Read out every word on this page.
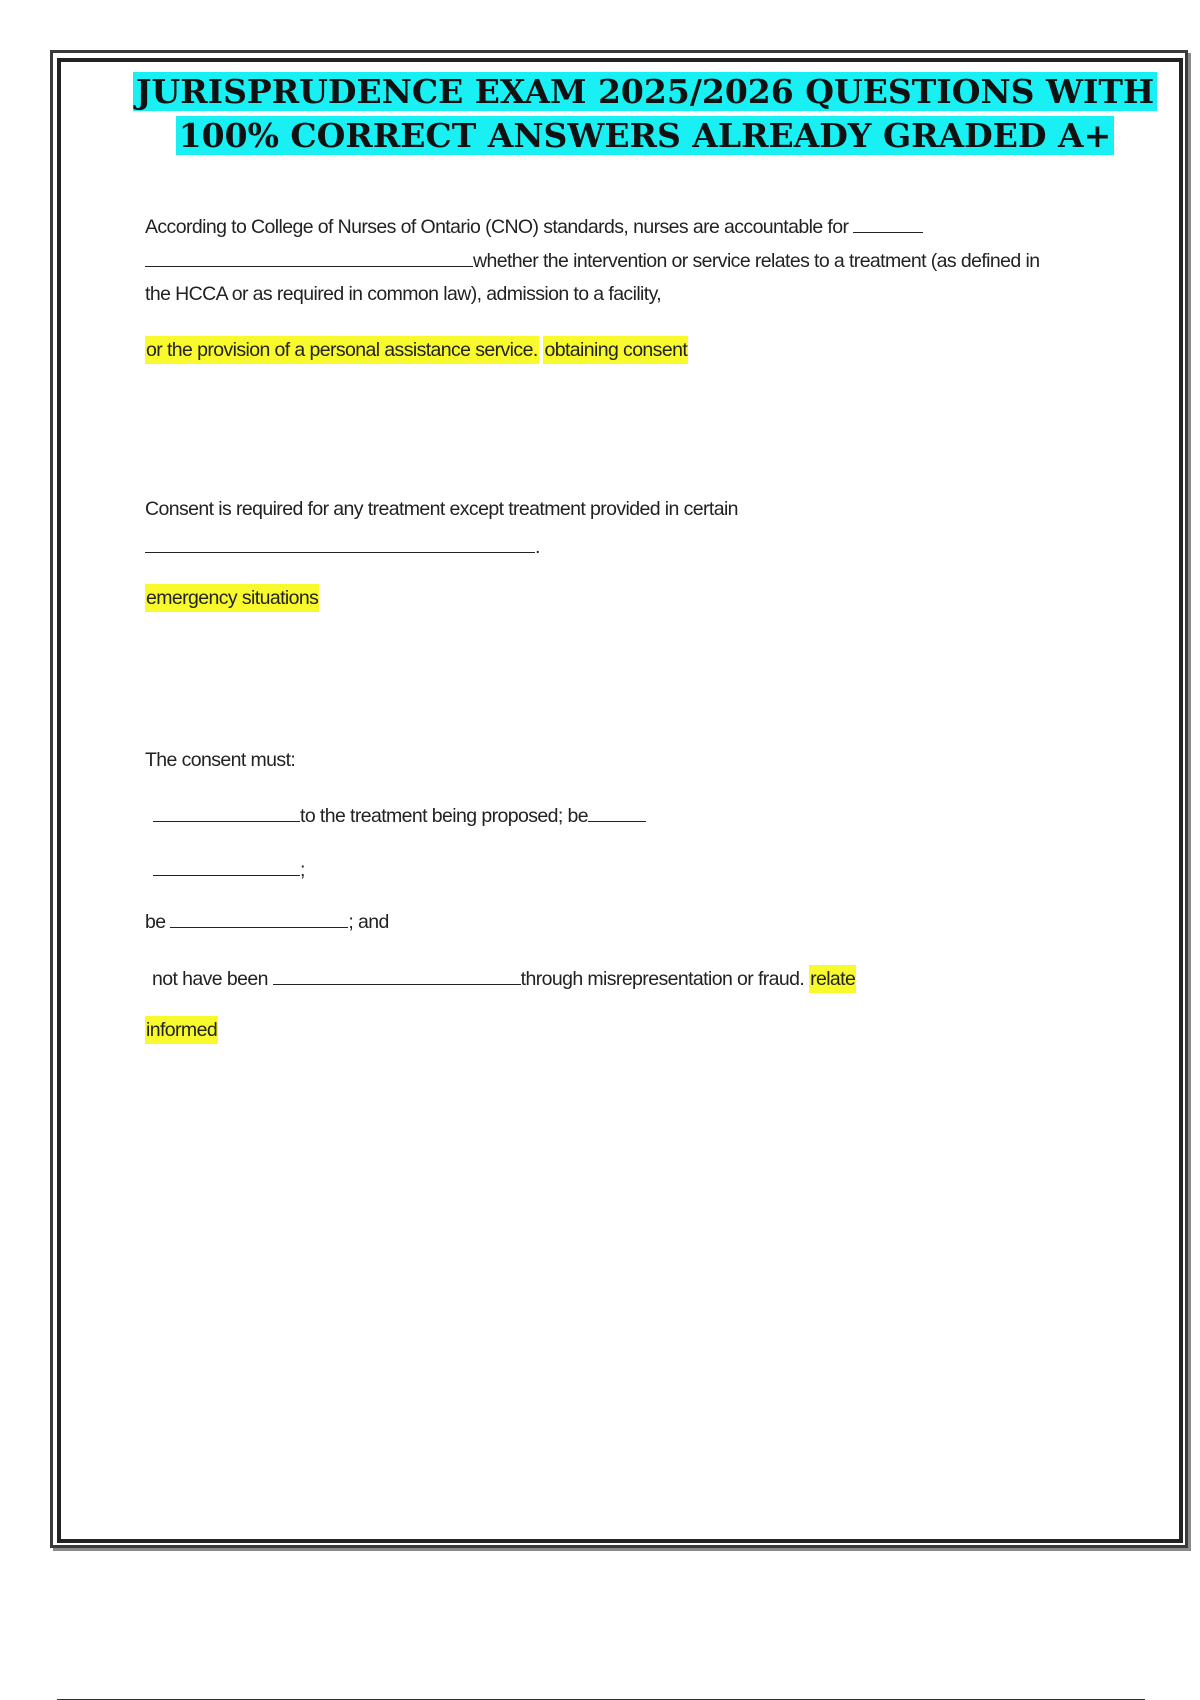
JURISPRUDENCE EXAM 2025/2026 QUESTIONS WITH
100% CORRECT ANSWERS ALREADY GRADED A+
According to College of Nurses of Ontario (CNO) standards, nurses are accountable for
whether the intervention or service relates to a treatment (as defined in
the HCCA or as required in common law), admission to a facility,
or the provision of a personal assistance service. obtaining consent
Consent is required for any treatment except treatment provided in certain
.
emergency situations
The consent must:
to the treatment being proposed; be
;
be	; and
not have been	through misrepresentation or fraud. relate
informed
